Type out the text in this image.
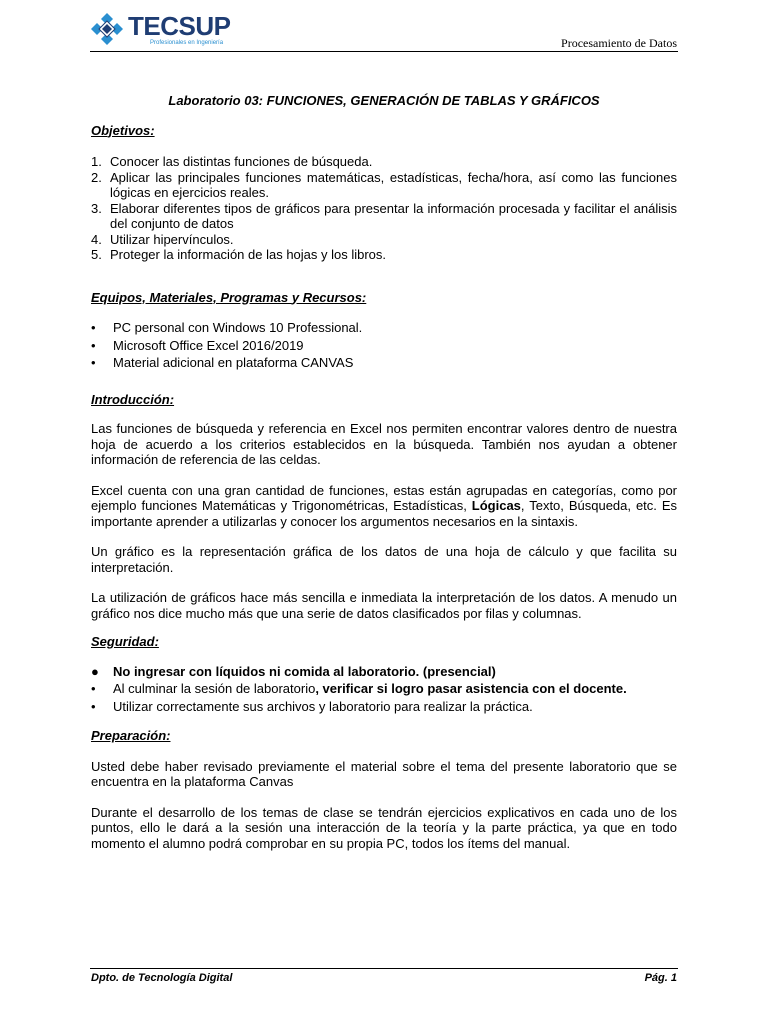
TECSUP
Profesionales en Ingeniería	Procesamiento de Datos
Laboratorio 03: FUNCIONES, GENERACIÓN DE TABLAS Y GRÁFICOS
Objetivos:
1. Conocer las distintas funciones de búsqueda.
2. Aplicar las principales funciones matemáticas, estadísticas, fecha/hora, así como las funciones lógicas en ejercicios reales.
3. Elaborar diferentes tipos de gráficos para presentar la información procesada y facilitar el análisis del conjunto de datos
4. Utilizar hipervínculos.
5. Proteger la información de las hojas y los libros.
Equipos, Materiales, Programas y Recursos:
• PC personal con Windows 10 Professional.
• Microsoft Office Excel 2016/2019
• Material adicional en plataforma CANVAS
Introducción:

Las funciones de búsqueda y referencia en Excel nos permiten encontrar valores dentro de nuestra hoja de acuerdo a los criterios establecidos en la búsqueda. También nos ayudan a obtener información de referencia de las celdas.

Excel cuenta con una gran cantidad de funciones, estas están agrupadas en categorías, como por ejemplo funciones Matemáticas y Trigonométricas, Estadísticas, Lógicas, Texto, Búsqueda, etc. Es importante aprender a utilizarlas y conocer los argumentos necesarios en la sintaxis.

Un gráfico es la representación gráfica de los datos de una hoja de cálculo y que facilita su interpretación.

La utilización de gráficos hace más sencilla e inmediata la interpretación de los datos. A menudo un gráfico nos dice mucho más que una serie de datos clasificados por filas y columnas.

Seguridad:
● No ingresar con líquidos ni comida al laboratorio. (presencial)
• Al culminar la sesión de laboratorio, verificar si logro pasar asistencia con el docente.
• Utilizar correctamente sus archivos y laboratorio para realizar la práctica.
Preparación:

Usted debe haber revisado previamente el material sobre el tema del presente laboratorio que se encuentra en la plataforma Canvas

Durante el desarrollo de los temas de clase se tendrán ejercicios explicativos en cada uno de los puntos, ello le dará a la sesión una interacción de la teoría y la parte práctica, ya que en todo momento el alumno podrá comprobar en su propia PC, todos los ítems del manual.

Dpto. de Tecnología Digital	Pág. 1
